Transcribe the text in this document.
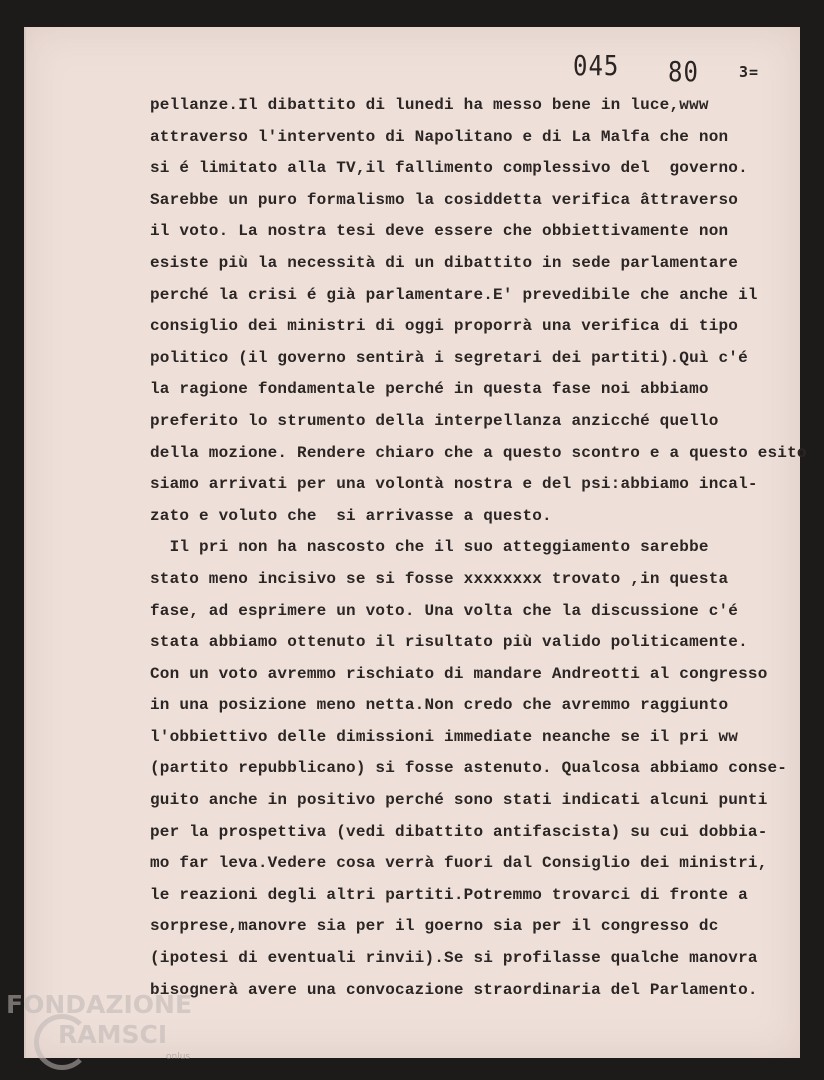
045 80	3=
pellanze.Il dibattito di lunedi ha messo bene in luce,www
attraverso l'intervento di Napolitano e di La Malfa che non
si é limitato alla TV,il fallimento complessivo del  governo.
Sarebbe un puro formalismo la cosiddetta verifica âttraverso
il voto. La nostra tesi deve essere che obbiettivamente non
esiste più la necessità di un dibattito in sede parlamentare
perché la crisi é già parlamentare.E' prevedibile che anche il
consiglio dei ministri di oggi proporrà una verifica di tipo
politico (il governo sentirà i segretari dei partiti).Quì c'é
la ragione fondamentale perché in questa fase noi abbiamo
preferito lo strumento della interpellanza anzicché quello
della mozione. Rendere chiaro che a questo scontro e a questo esito
siamo arrivati per una volontà nostra e del psi:abbiamo incal-
zato e voluto che  si arrivasse a questo.
Il pri non ha nascosto che il suo atteggiamento sarebbe
stato meno incisivo se si fosse xxxxxxxx trovato ,in questa
fase, ad esprimere un voto. Una volta che la discussione c'é
stata abbiamo ottenuto il risultato più valido politicamente.
Con un voto avremmo rischiato di mandare Andreotti al congresso
in una posizione meno netta.Non credo che avremmo raggiunto
l'obbiettivo delle dimissioni immediate neanche se il pri ww
(partito repubblicano) si fosse astenuto. Qualcosa abbiamo conse-
guito anche in positivo perché sono stati indicati alcuni punti
per la prospettiva (vedi dibattito antifascista) su cui dobbia-
mo far leva.Vedere cosa verrà fuori dal Consiglio dei ministri,
le reazioni degli altri partiti.Potremmo trovarci di fronte a
sorprese,manovre sia per il goerno sia per il congresso dc
(ipotesi di eventuali rinvii).Se si profilasse qualche manovra
bisognerà avere una convocazione straordinaria del Parlamento.
FONDAZIONE
RAMSCI
onlus
